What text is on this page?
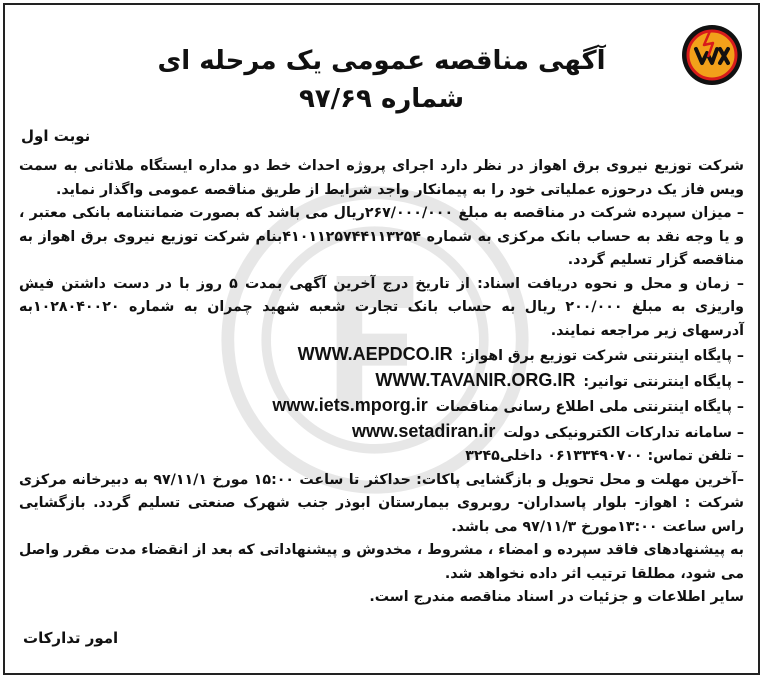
آگهی مناقصه عمومی یک مرحله ای
شماره ۹۷/۶۹
نوبت اول

شرکت توزیع نیروی برق اهواز در نظر دارد اجرای پروژه احداث خط دو مداره ایستگاه ملاثانی به سمت ویس فاز یک درحوزه عملیاتی خود را به پیمانکار واجد شرایط از طریق مناقصه عمومی واگذار نماید.

– میزان سپرده شرکت در مناقصه به مبلغ ۲۶۷/۰۰۰/۰۰۰ریال می باشد که بصورت ضمانتنامه بانکی معتبر ، و یا وجه نقد به حساب بانک مرکزی به شماره ۴۱۰۱۱۲۵۷۴۴۱۱۳۲۵۴بنام شرکت توزیع نیروی برق اهواز به مناقصه گزار تسلیم گردد.

– زمان و محل و نحوه دریافت اسناد: از تاریخ درج آخرین آگهی بمدت ۵ روز با در دست داشتن فیش واریزی به مبلغ ۲۰۰/۰۰۰ ریال به حساب بانک تجارت شعبه شهید چمران به شماره ۱۰۲۸۰۴۰۰۲۰به آدرسهای زیر مراجعه نمایند.

– پایگاه اینترنتی شرکت توزیع برق اهواز:
WWW.AEPDCO.IR
– پایگاه اینترنتی توانیر:
WWW.TAVANIR.ORG.IR
– پایگاه اینترنتی ملی اطلاع رسانی مناقصات
www.iets.mporg.ir
– سامانه تدارکات الکترونیکی دولت
www.setadiran.ir

– تلفن تماس: ۰۶۱۳۳۴۹۰۷۰۰ داخلی۳۲۴۵

–آخرین مهلت و محل تحویل و بازگشایی پاکات: حداکثر تا ساعت ۱۵:۰۰ مورخ ۹۷/۱۱/۱ به دبیرخانه مرکزی شرکت : اهواز- بلوار پاسداران- روبروی بیمارستان ابوذر جنب شهرک صنعتی تسلیم گردد. بازگشایی راس ساعت ۱۳:۰۰مورخ ۹۷/۱۱/۳ می باشد.

به پیشنهادهای فاقد سپرده و امضاء ، مشروط ، مخدوش و پیشنهاداتی که بعد از انقضاء مدت مقرر واصل می شود، مطلقا ترتیب اثر داده نخواهد شد.

سایر اطلاعات و جزئیات در اسناد مناقصه مندرج است.

امور تدارکات
